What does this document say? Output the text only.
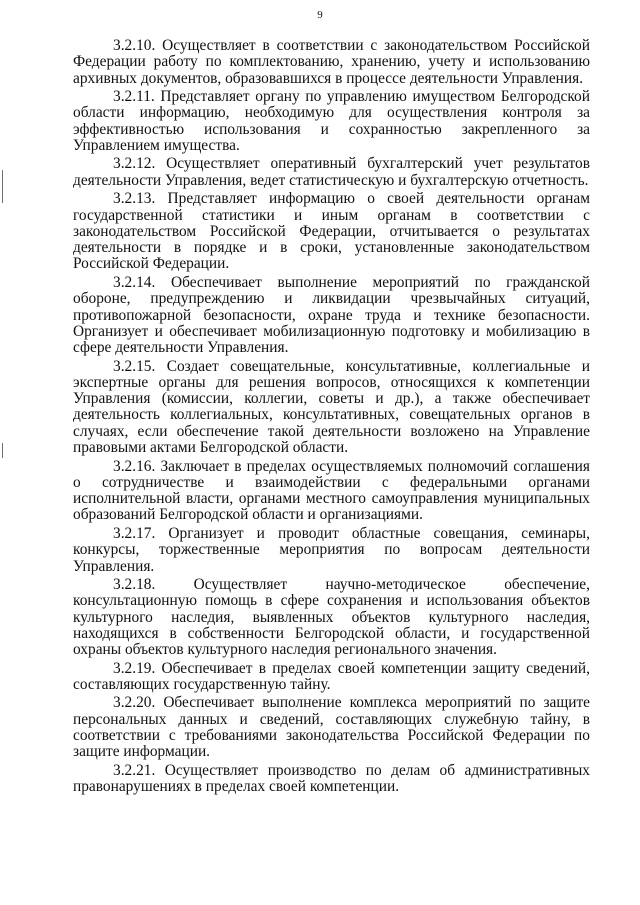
9

3.2.10. Осуществляет в соответствии с законодательством Российской Федерации работу по комплектованию, хранению, учету и использованию архивных документов, образовавшихся в процессе деятельности Управления.

3.2.11. Представляет органу по управлению имуществом Белгородской области информацию, необходимую для осуществления контроля за эффективностью использования и сохранностью закрепленного за Управлением имущества.

3.2.12. Осуществляет оперативный бухгалтерский учет результатов деятельности Управления, ведет статистическую и бухгалтерскую отчетность.

3.2.13. Представляет информацию о своей деятельности органам государственной статистики и иным органам в соответствии с законодательством Российской Федерации, отчитывается о результатах деятельности в порядке и в сроки, установленные законодательством Российской Федерации.

3.2.14. Обеспечивает выполнение мероприятий по гражданской обороне, предупреждению и ликвидации чрезвычайных ситуаций, противопожарной безопасности, охране труда и технике безопасности. Организует и обеспечивает мобилизационную подготовку и мобилизацию в сфере деятельности Управления.

3.2.15. Создает совещательные, консультативные, коллегиальные и экспертные органы для решения вопросов, относящихся к компетенции Управления (комиссии, коллегии, советы и др.), а также обеспечивает деятельность коллегиальных, консультативных, совещательных органов в случаях, если обеспечение такой деятельности возложено на Управление правовыми актами Белгородской области.

3.2.16. Заключает в пределах осуществляемых полномочий соглашения о сотрудничестве и взаимодействии с федеральными органами исполнительной власти, органами местного самоуправления муниципальных образований Белгородской области и организациями.

3.2.17. Организует и проводит областные совещания, семинары, конкурсы, торжественные мероприятия по вопросам деятельности Управления.

3.2.18. Осуществляет научно-методическое обеспечение, консультационную помощь в сфере сохранения и использования объектов культурного наследия, выявленных объектов культурного наследия, находящихся в собственности Белгородской области, и государственной охраны объектов культурного наследия регионального значения.

3.2.19. Обеспечивает в пределах своей компетенции защиту сведений, составляющих государственную тайну.

3.2.20. Обеспечивает выполнение комплекса мероприятий по защите персональных данных и сведений, составляющих служебную тайну, в соответствии с требованиями законодательства Российской Федерации по защите информации.

3.2.21. Осуществляет производство по делам об административных правонарушениях в пределах своей компетенции.
